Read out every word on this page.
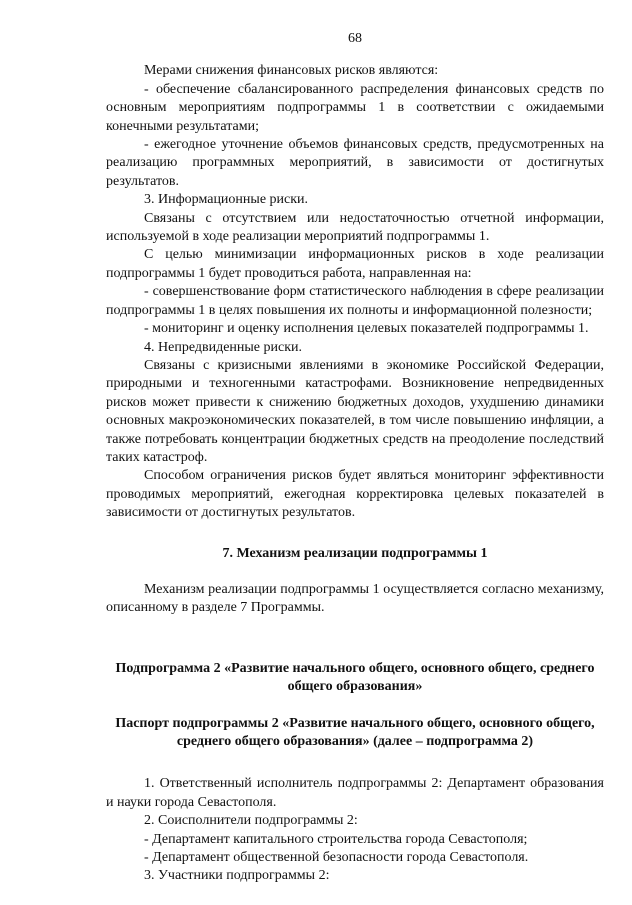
68

Мерами снижения финансовых рисков являются:

- обеспечение сбалансированного распределения финансовых средств по основным мероприятиям подпрограммы 1 в соответствии с ожидаемыми конечными результатами;

- ежегодное уточнение объемов финансовых средств, предусмотренных на реализацию программных мероприятий, в зависимости от достигнутых результатов.

3. Информационные риски.

Связаны с отсутствием или недостаточностью отчетной информации, используемой в ходе реализации мероприятий подпрограммы 1.

С целью минимизации информационных рисков в ходе реализации подпрограммы 1 будет проводиться работа, направленная на:

- совершенствование форм статистического наблюдения в сфере реализации подпрограммы 1 в целях повышения их полноты и информационной полезности;

- мониторинг и оценку исполнения целевых показателей подпрограммы 1.

4. Непредвиденные риски.

Связаны с кризисными явлениями в экономике Российской Федерации, природными и техногенными катастрофами. Возникновение непредвиденных рисков может привести к снижению бюджетных доходов, ухудшению динамики основных макроэкономических показателей, в том числе повышению инфляции, а также потребовать концентрации бюджетных средств на преодоление последствий таких катастроф.

Способом ограничения рисков будет являться мониторинг эффективности проводимых мероприятий, ежегодная корректировка целевых показателей в зависимости от достигнутых результатов.

7. Механизм реализации подпрограммы 1

Механизм реализации подпрограммы 1 осуществляется согласно механизму, описанному в разделе 7 Программы.

Подпрограмма 2 «Развитие начального общего, основного общего, среднего общего образования»

Паспорт подпрограммы 2 «Развитие начального общего, основного общего, среднего общего образования» (далее – подпрограмма 2)

1. Ответственный исполнитель подпрограммы 2: Департамент образования и науки города Севастополя.

2. Соисполнители подпрограммы 2:

- Департамент капитального строительства города Севастополя;

- Департамент общественной безопасности города Севастополя.

3. Участники подпрограммы 2:
